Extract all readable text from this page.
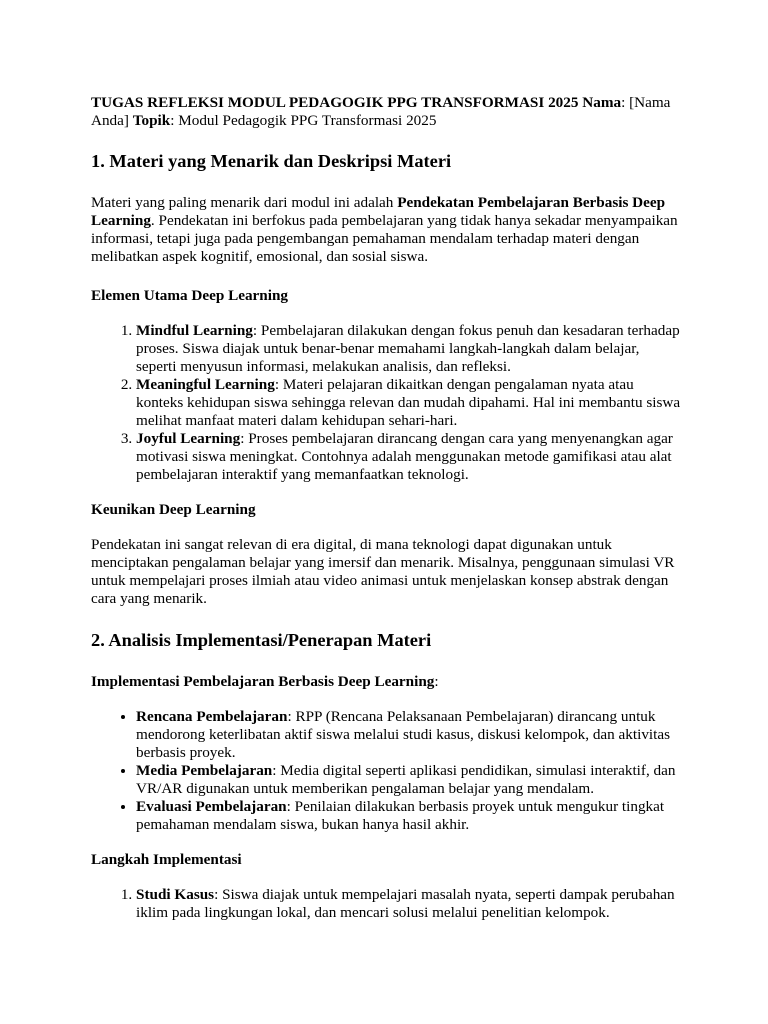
TUGAS REFLEKSI MODUL PEDAGOGIK PPG TRANSFORMASI 2025 Nama: [Nama Anda] Topik: Modul Pedagogik PPG Transformasi 2025

1. Materi yang Menarik dan Deskripsi Materi

Materi yang paling menarik dari modul ini adalah Pendekatan Pembelajaran Berbasis Deep Learning. Pendekatan ini berfokus pada pembelajaran yang tidak hanya sekadar menyampaikan informasi, tetapi juga pada pengembangan pemahaman mendalam terhadap materi dengan melibatkan aspek kognitif, emosional, dan sosial siswa.

Elemen Utama Deep Learning

1. Mindful Learning: Pembelajaran dilakukan dengan fokus penuh dan kesadaran terhadap proses. Siswa diajak untuk benar-benar memahami langkah-langkah dalam belajar, seperti menyusun informasi, melakukan analisis, dan refleksi.
2. Meaningful Learning: Materi pelajaran dikaitkan dengan pengalaman nyata atau konteks kehidupan siswa sehingga relevan dan mudah dipahami. Hal ini membantu siswa melihat manfaat materi dalam kehidupan sehari-hari.
3. Joyful Learning: Proses pembelajaran dirancang dengan cara yang menyenangkan agar motivasi siswa meningkat. Contohnya adalah menggunakan metode gamifikasi atau alat pembelajaran interaktif yang memanfaatkan teknologi.

Keunikan Deep Learning

Pendekatan ini sangat relevan di era digital, di mana teknologi dapat digunakan untuk menciptakan pengalaman belajar yang imersif dan menarik. Misalnya, penggunaan simulasi VR untuk mempelajari proses ilmiah atau video animasi untuk menjelaskan konsep abstrak dengan cara yang menarik.

2. Analisis Implementasi/Penerapan Materi

Implementasi Pembelajaran Berbasis Deep Learning:

• Rencana Pembelajaran: RPP (Rencana Pelaksanaan Pembelajaran) dirancang untuk mendorong keterlibatan aktif siswa melalui studi kasus, diskusi kelompok, dan aktivitas berbasis proyek.
• Media Pembelajaran: Media digital seperti aplikasi pendidikan, simulasi interaktif, dan VR/AR digunakan untuk memberikan pengalaman belajar yang mendalam.
• Evaluasi Pembelajaran: Penilaian dilakukan berbasis proyek untuk mengukur tingkat pemahaman mendalam siswa, bukan hanya hasil akhir.

Langkah Implementasi

1. Studi Kasus: Siswa diajak untuk mempelajari masalah nyata, seperti dampak perubahan iklim pada lingkungan lokal, dan mencari solusi melalui penelitian kelompok.
